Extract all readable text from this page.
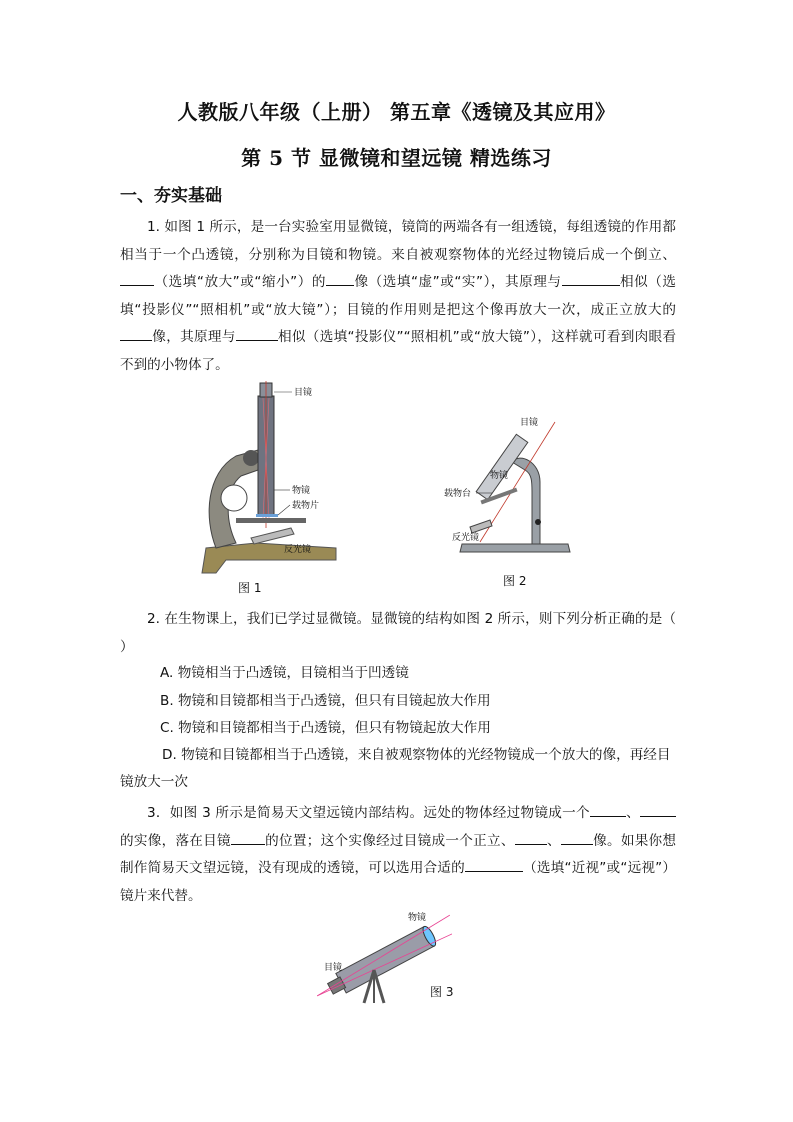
人教版八年级（上册） 第五章《透镜及其应用》
第 5 节 显微镜和望远镜 精选练习
一、夯实基础
1. 如图 1 所示，是一台实验室用显微镜，镜筒的两端各有一组透镜，每组透镜的作用都相当于一个凸透镜，分别称为目镜和物镜。来自被观察物体的光经过物镜后成一个倒立、（选填“放大”或“缩小”）的 像（选填“虚”或“实”），其原理与	相似（选填“投影仪”“照相机”或“放大镜”）；目镜的作用则是把这个像再放大一次，成正立放大的像，其原理与	相似（选填“投影仪”“照相机”或“放大镜”），这样就可看到肉眼看不到的小物体了。
目镜
物镜
载物片
反光镜
图 1
目镜
物镜
载物台
反光镜
图 2
2. 在生物课上，我们已学过显微镜。显微镜的结构如图 2 所示，则下列分析正确的是（ ）
A. 物镜相当于凸透镜，目镜相当于凹透镜
B. 物镜和目镜都相当于凸透镜，但只有目镜起放大作用
C. 物镜和目镜都相当于凸透镜，但只有物镜起放大作用
D. 物镜和目镜都相当于凸透镜，来自被观察物体的光经物镜成一个放大的像，再经目镜放大一次
3．如图 3 所示是简易天文望远镜内部结构。远处的物体经过物镜成一个	、的实像，落在目镜	的位置；这个实像经过目镜成一个正立、 、 像。如果你想制作简易天文望远镜，没有现成的透镜，可以选用合适的	（选填“近视”或“远视”）镜片来代替。
物镜
目镜
图 3
